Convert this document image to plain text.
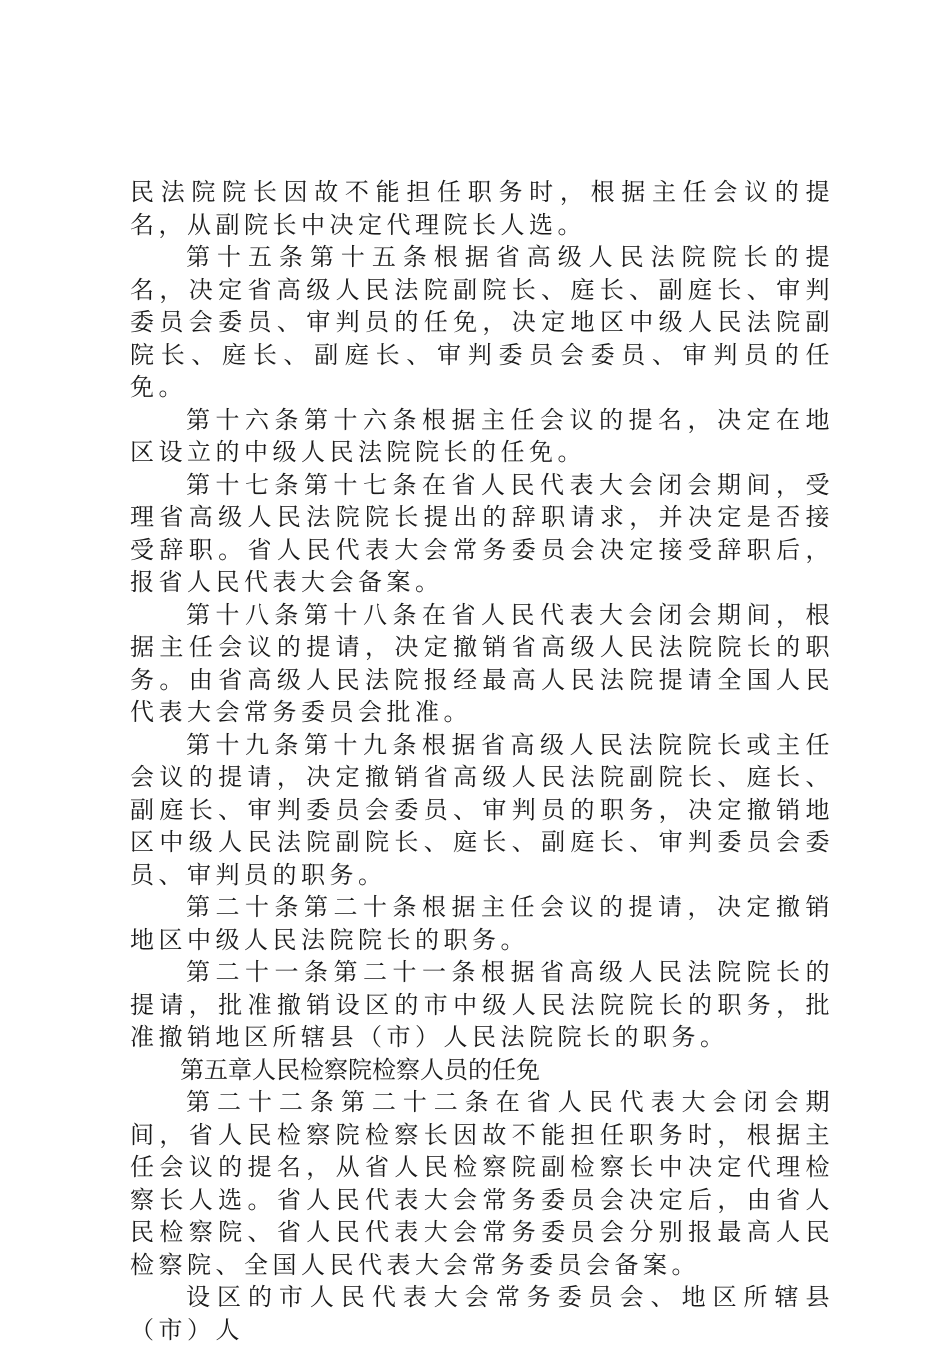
民法院院长因故不能担任职务时，根据主任会议的提名，从副院长中决定代理院长人选。

第十五条第十五条根据省高级人民法院院长的提名，决定省高级人民法院副院长、庭长、副庭长、审判委员会委员、审判员的任免，决定地区中级人民法院副院长、庭长、副庭长、审判委员会委员、审判员的任免。

第十六条第十六条根据主任会议的提名，决定在地区设立的中级人民法院院长的任免。

第十七条第十七条在省人民代表大会闭会期间，受理省高级人民法院院长提出的辞职请求，并决定是否接受辞职。省人民代表大会常务委员会决定接受辞职后，报省人民代表大会备案。

第十八条第十八条在省人民代表大会闭会期间，根据主任会议的提请，决定撤销省高级人民法院院长的职务。由省高级人民法院报经最高人民法院提请全国人民代表大会常务委员会批准。

第十九条第十九条根据省高级人民法院院长或主任会议的提请，决定撤销省高级人民法院副院长、庭长、副庭长、审判委员会委员、审判员的职务，决定撤销地区中级人民法院副院长、庭长、副庭长、审判委员会委员、审判员的职务。

第二十条第二十条根据主任会议的提请，决定撤销地区中级人民法院院长的职务。

第二十一条第二十一条根据省高级人民法院院长的提请，批准撤销设区的市中级人民法院院长的职务，批准撤销地区所辖县（市）人民法院院长的职务。

第五章人民检察院检察人员的任免

第二十二条第二十二条在省人民代表大会闭会期间，省人民检察院检察长因故不能担任职务时，根据主任会议的提名，从省人民检察院副检察长中决定代理检察长人选。省人民代表大会常务委员会决定后，由省人民检察院、省人民代表大会常务委员会分别报最高人民检察院、全国人民代表大会常务委员会备案。

设区的市人民代表大会常务委员会、地区所辖县（市）人
